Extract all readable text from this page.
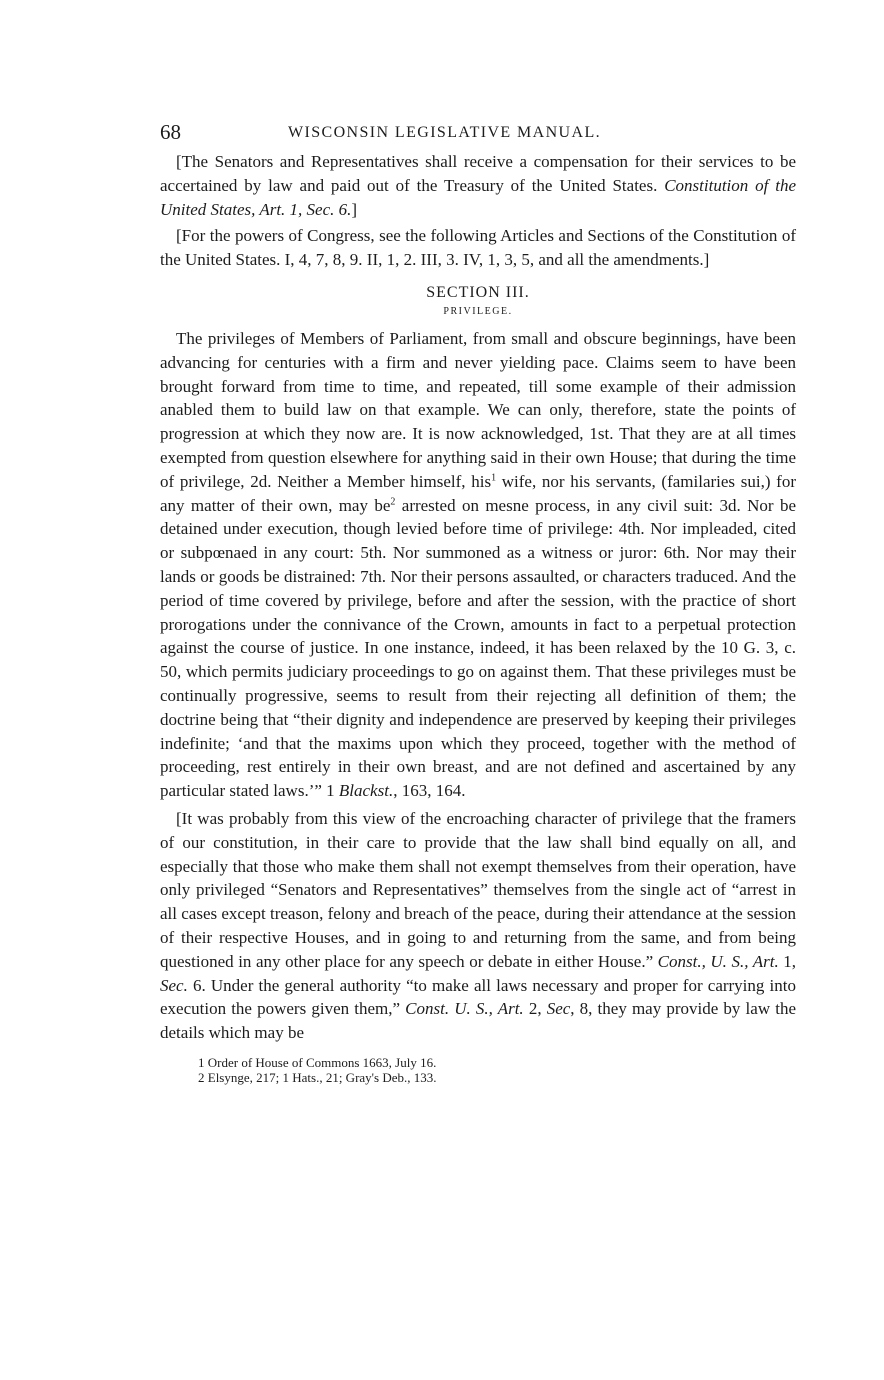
68	WISCONSIN LEGISLATIVE MANUAL.

[The Senators and Representatives shall receive a compensation for their services to be accertained by law and paid out of the Treasury of the United States. Constitution of the United States, Art. 1, Sec. 6.]

[For the powers of Congress, see the following Articles and Sections of the Constitution of the United States. I, 4, 7, 8, 9. II, 1, 2. III, 3. IV, 1, 3, 5, and all the amendments.]

SECTION III.
PRIVILEGE.

The privileges of Members of Parliament, from small and obscure beginnings, have been advancing for centuries with a firm and never yielding pace. Claims seem to have been brought forward from time to time, and repeated, till some example of their admission anabled them to build law on that example. We can only, therefore, state the points of progression at which they now are. It is now acknowledged, 1st. That they are at all times exempted from question elsewhere for anything said in their own House; that during the time of privilege, 2d. Neither a Member himself, his$^1$ wife, nor his servants, (familaries sui,) for any matter of their own, may $be^2$ arrested on mesne process, in any civil suit: 3d. Nor be detained under execution, though levied before time of privilege: 4th. Nor impleaded, cited or subpœnaed in any court: 5th. Nor summoned as a witness or juror: 6th. Nor may their lands or goods be distrained: 7th. Nor their persons assaulted, or characters traduced. And the period of time covered by privilege, before and after the session, with the practice of short prorogations under the connivance of the Crown, amounts in fact to a perpetual protection against the course of justice. In one instance, indeed, it has been relaxed by the 10 G. 3, c. 50, which permits judiciary proceedings to go on against them. That these privileges must be continually progressive, seems to result from their rejecting all definition of them; the doctrine being that “their dignity and independence are preserved by keeping their privileges indefinite; ‘and that the maxims upon which they proceed, together with the method of proceeding, rest entirely in their own breast, and are not defined and ascertained by any particular stated laws.’” 1 Blackst., 163, 164.

[It was probably from this view of the encroaching character of privilege that the framers of our constitution, in their care to provide that the law shall bind equally on all, and especially that those who make them shall not exempt themselves from their operation, have only privileged “Senators and Representatives” themselves from the single act of “arrest in all cases except treason, felony and breach of the peace, during their attendance at the session of their respective Houses, and in going to and returning from the same, and from being questioned in any other place for any speech or debate in either House.” Const., U. S., Art. 1, Sec. 6. Under the general authority “to make all laws necessary and proper for carrying into execution the powers given them,” Const. U. S., Art. 2, Sec, 8, they may provide by law the details which may be

1 Order of House of Commons 1663, July 16.
2 Elsynge, 217; 1 Hats., 21; Gray's Deb., 133.
